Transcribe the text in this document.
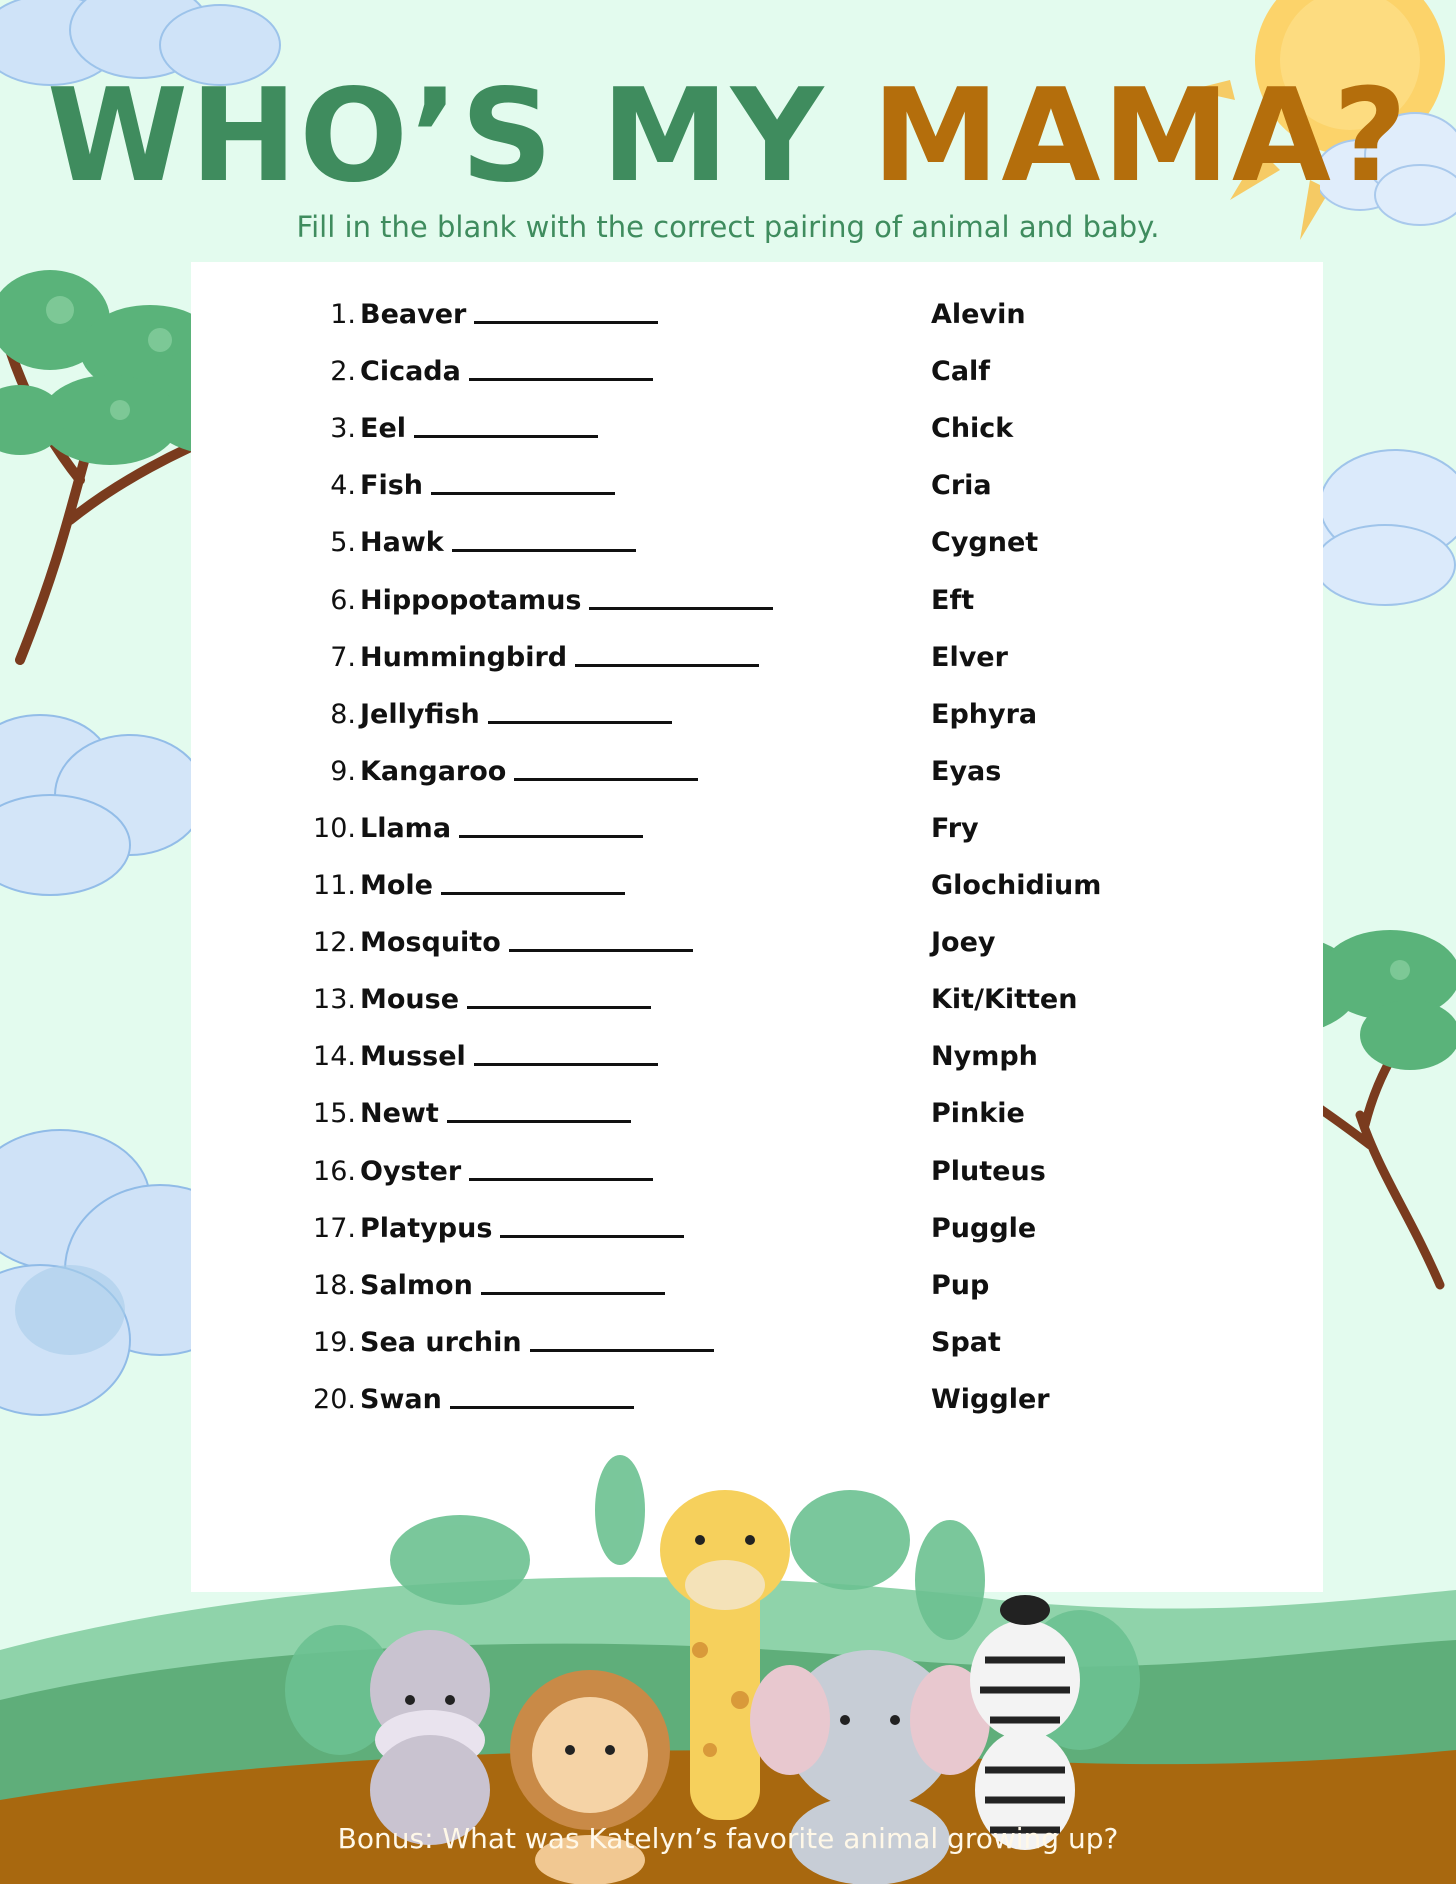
WHO’S MY MAMA?
Fill in the blank with the correct pairing of animal and baby.
1. Beaver
2. Cicada
3. Eel
4. Fish
5. Hawk
6. Hippopotamus
7. Hummingbird
8. Jellyfish
9. Kangaroo
10. Llama
11. Mole
12. Mosquito
13. Mouse
14. Mussel
15. Newt
16. Oyster
17. Platypus
18. Salmon
19. Sea urchin
20. Swan
Alevin
Calf
Chick
Cria
Cygnet
Eft
Elver
Ephyra
Eyas
Fry
Glochidium
Joey
Kit/Kitten
Nymph
Pinkie
Pluteus
Puggle
Pup
Spat
Wiggler
Bonus: What was Katelyn’s favorite animal growing up?
